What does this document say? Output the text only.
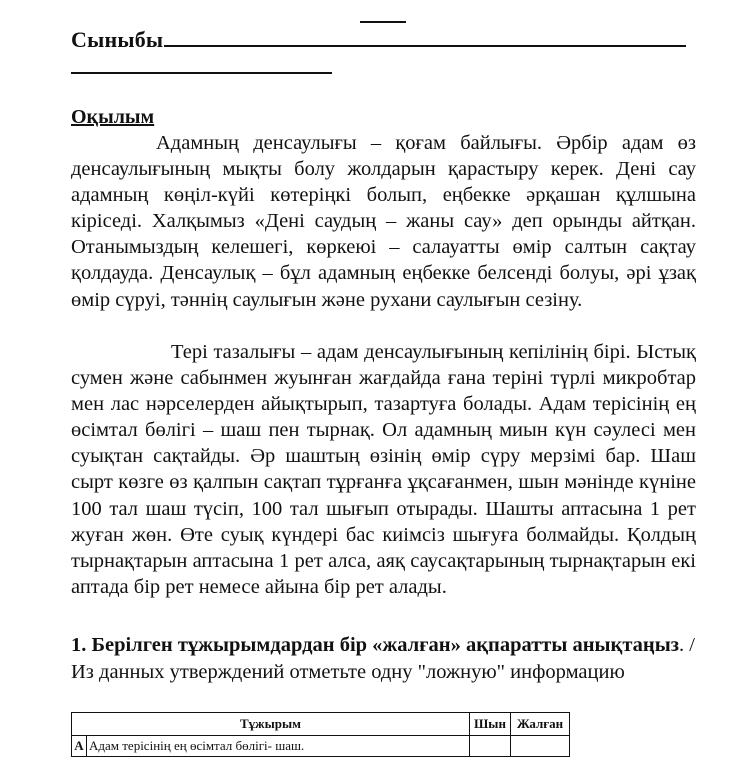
Сыныбы
Оқылым
Адамның денсаулығы – қоғам байлығы. Әрбір адам өз денсаулығының мықты болу жолдарын қарастыру керек. Дені сау адамның көңіл-күйі көтеріңкі болып, еңбекке әрқашан құлшына кіріседі. Халқымыз «Дені саудың – жаны сау» деп орынды айтқан. Отанымыздың келешегі, көркеюі – салауатты өмір салтын сақтау қолдауда. Денсаулық – бұл адамның еңбекке белсенді болуы, әрі ұзақ өмір сүруі, тәннің саулығын және рухани саулығын сезіну.
Тері тазалығы – адам денсаулығының кепілінің бірі. Ыстық сумен және сабынмен жуынған жағдайда ғана теріні түрлі микробтар мен лас нәрселерден айықтырып, тазартуға болады. Адам терісінің ең өсімтал бөлігі – шаш пен тырнақ. Ол адамның миын күн сәулесі мен суықтан сақтайды. Әр шаштың өзінің өмір сүру мерзімі бар. Шаш сырт көзге өз қалпын сақтап тұрғанға ұқсағанмен, шын мәнінде күніне 100 тал шаш түсіп, 100 тал шығып отырады. Шашты аптасына 1 рет жуған жөн. Өте суық күндері бас киімсіз шығуға болмайды. Қолдың тырнақтарын аптасына 1 рет алса, аяқ саусақтарының тырнақтарын екі аптада бір рет немесе айына бір рет алады.
1. Берілген тұжырымдардан бір «жалған» ақпаратты анықтаңыз. / Из данных утверждений отметьте одну "ложную" информацию
Тұжырым		Шын	Жалған
А	Адам терісінің ең өсімтал бөлігі- шаш.		
